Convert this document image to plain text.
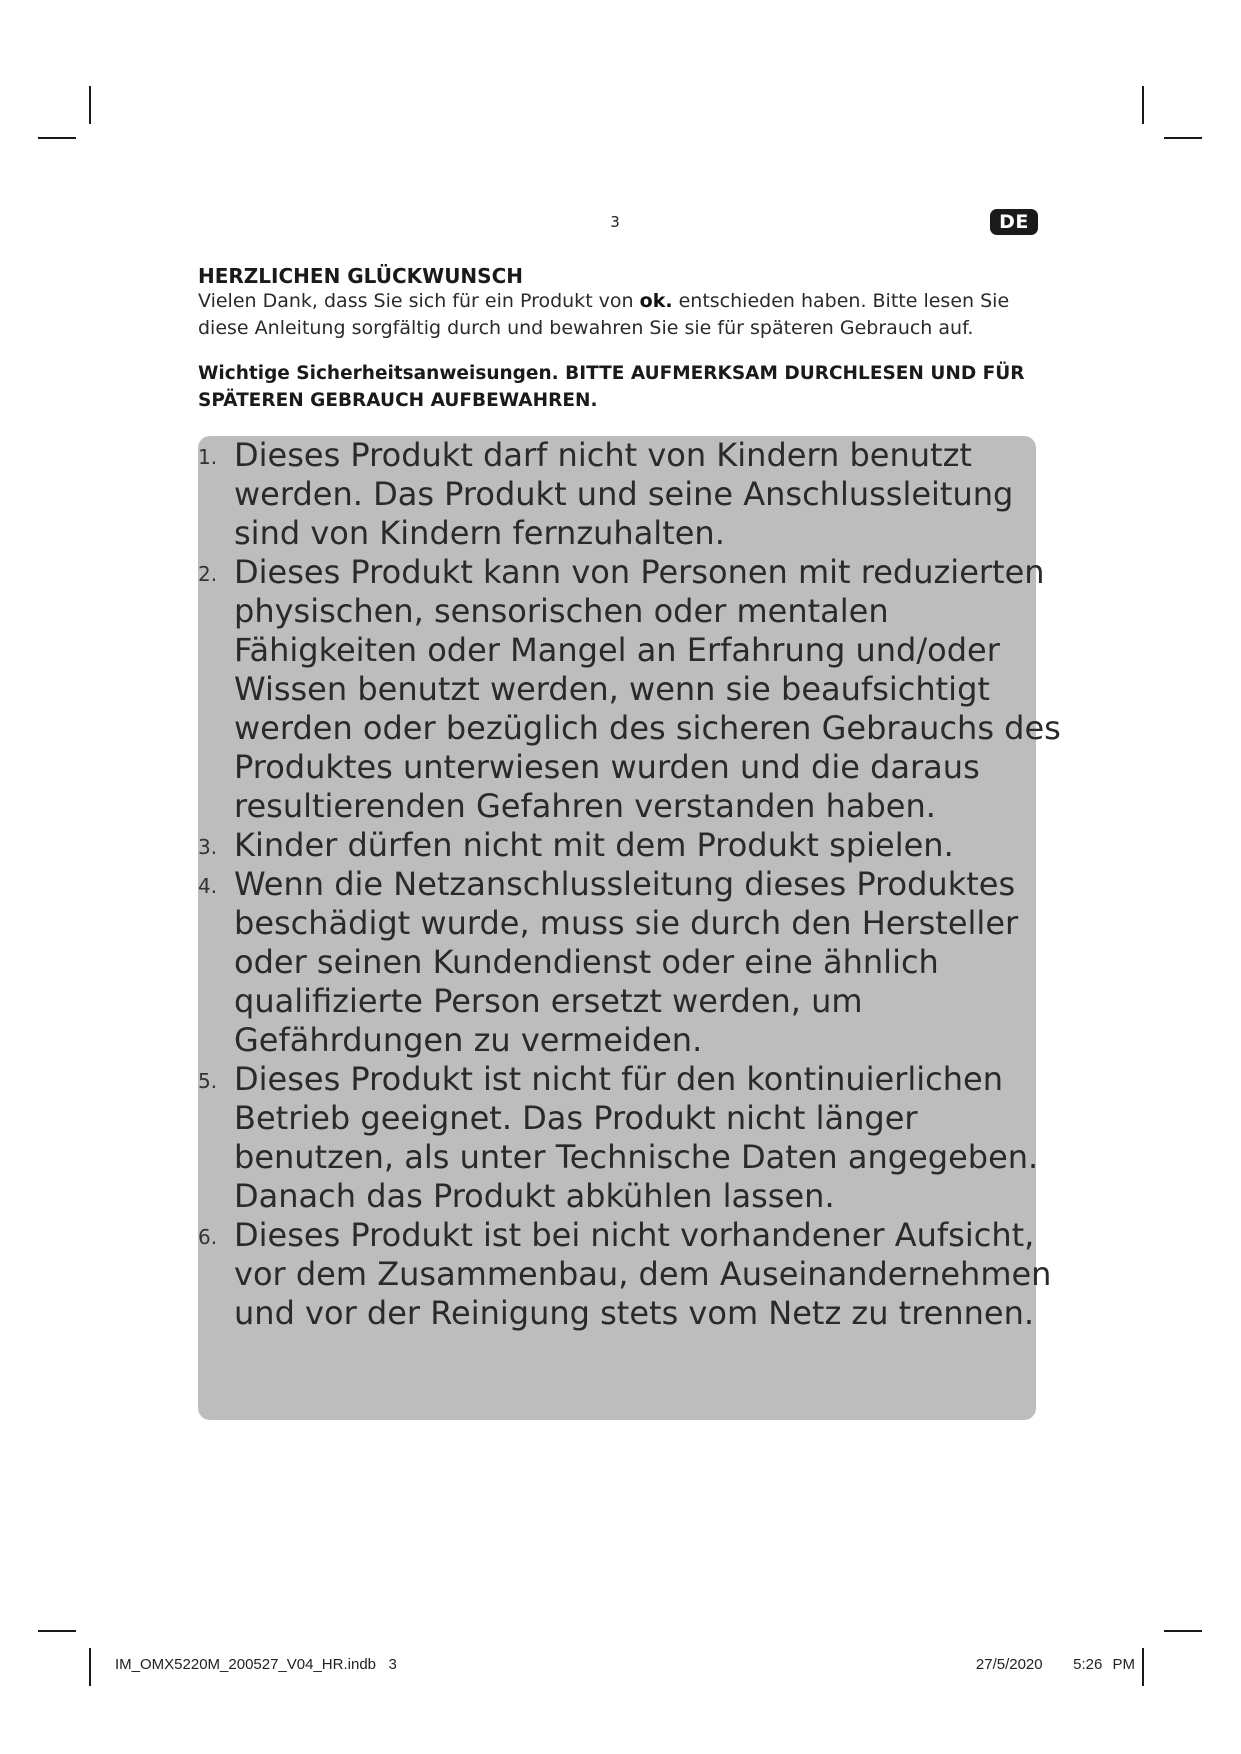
3	DE
HERZLICHEN GLÜCKWUNSCH

Vielen Dank, dass Sie sich für ein Produkt von ok. entschieden haben. Bitte lesen Sie diese Anleitung sorgfältig durch und bewahren Sie sie für späteren Gebrauch auf.

Wichtige Sicherheitsanweisungen. BITTE AUFMERKSAM DURCHLESEN UND FÜR SPÄTEREN GEBRAUCH AUFBEWAHREN.

1. Dieses Produkt darf nicht von Kindern benutzt werden. Das Produkt und seine Anschlussleitung sind von Kindern fernzuhalten.
2. Dieses Produkt kann von Personen mit reduzierten physischen, sensorischen oder mentalen Fähigkeiten oder Mangel an Erfahrung und/oder Wissen benutzt werden, wenn sie beaufsichtigt werden oder bezüglich des sicheren Gebrauchs des Produktes unterwiesen wurden und die daraus resultierenden Gefahren verstanden haben.
3. Kinder dürfen nicht mit dem Produkt spielen.
4. Wenn die Netzanschlussleitung dieses Produktes beschädigt wurde, muss sie durch den Hersteller oder seinen Kundendienst oder eine ähnlich qualifizierte Person ersetzt werden, um Gefährdungen zu vermeiden.
5. Dieses Produkt ist nicht für den kontinuierlichen Betrieb geeignet. Das Produkt nicht länger benutzen, als unter Technische Daten angegeben. Danach das Produkt abkühlen lassen.
6. Dieses Produkt ist bei nicht vorhandener Aufsicht, vor dem Zusammenbau, dem Auseinandernehmen und vor der Reinigung stets vom Netz zu trennen.
IM_OMX5220M_200527_V04_HR.indb   3	27/5/2020   5:26 PM
